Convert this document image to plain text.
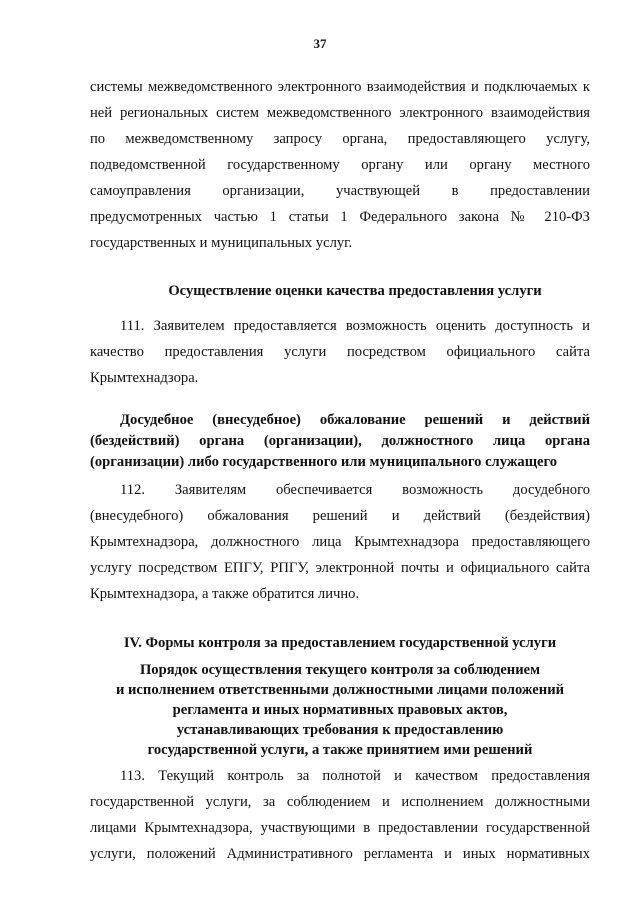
37
системы межведомственного электронного взаимодействия и подключаемых к
ней региональных систем межведомственного электронного взаимодействия
по межведомственному запросу органа, предоставляющего услугу,
подведомственной государственному органу или органу местного
самоуправления организации, участвующей в предоставлении
предусмотренных частью 1 статьи 1 Федерального закона № 210-ФЗ
государственных и муниципальных услуг.
Осуществление оценки качества предоставления услуги
111. Заявителем предоставляется возможность оценить доступность и
качество предоставления услуги посредством официального сайта
Крымтехнадзора.
Досудебное (внесудебное) обжалование решений и действий
(бездействий) органа (организации), должностного лица органа
(организации) либо государственного или муниципального служащего
112. Заявителям обеспечивается возможность досудебного
(внесудебного) обжалования решений и действий (бездействия)
Крымтехнадзора, должностного лица Крымтехнадзора предоставляющего
услугу посредством ЕПГУ, РПГУ, электронной почты и официального сайта
Крымтехнадзора, а также обратится лично.
IV. Формы контроля за предоставлением государственной услуги
Порядок осуществления текущего контроля за соблюдением
и исполнением ответственными должностными лицами положений
регламента и иных нормативных правовых актов,
устанавливающих требования к предоставлению
государственной услуги, а также принятием ими решений
113. Текущий контроль за полнотой и качеством предоставления
государственной услуги, за соблюдением и исполнением должностными
лицами Крымтехнадзора, участвующими в предоставлении государственной
услуги, положений Административного регламента и иных нормативных
